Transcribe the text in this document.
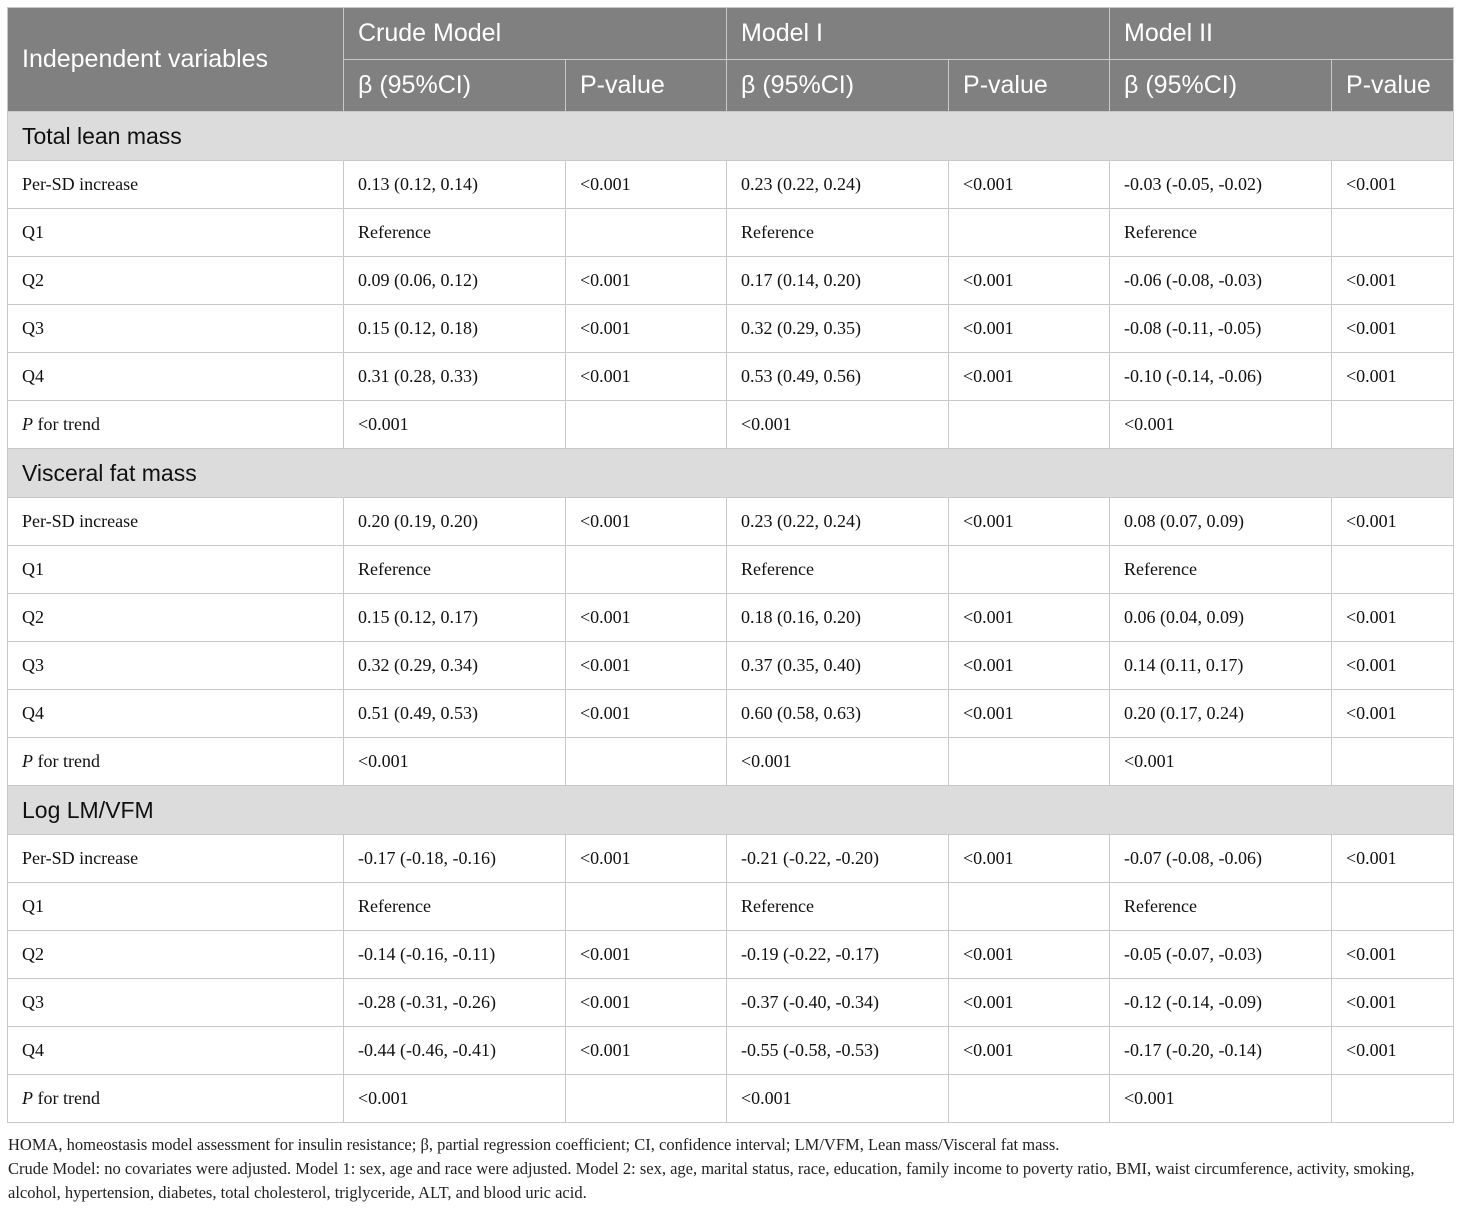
Independent variables	Crude Model		Model I		Model II	
	β (95%CI)	P-value	β (95%CI)	P-value	β (95%CI)	P-value
Total lean mass						
Per-SD increase	0.13 (0.12, 0.14)	<0.001	0.23 (0.22, 0.24)	<0.001	-0.03 (-0.05, -0.02)	<0.001
Q1	Reference		Reference		Reference	
Q2	0.09 (0.06, 0.12)	<0.001	0.17 (0.14, 0.20)	<0.001	-0.06 (-0.08, -0.03)	<0.001
Q3	0.15 (0.12, 0.18)	<0.001	0.32 (0.29, 0.35)	<0.001	-0.08 (-0.11, -0.05)	<0.001
Q4	0.31 (0.28, 0.33)	<0.001	0.53 (0.49, 0.56)	<0.001	-0.10 (-0.14, -0.06)	<0.001
P for trend	<0.001		<0.001		<0.001	
Visceral fat mass						
Per-SD increase	0.20 (0.19, 0.20)	<0.001	0.23 (0.22, 0.24)	<0.001	0.08 (0.07, 0.09)	<0.001
Q1	Reference		Reference		Reference	
Q2	0.15 (0.12, 0.17)	<0.001	0.18 (0.16, 0.20)	<0.001	0.06 (0.04, 0.09)	<0.001
Q3	0.32 (0.29, 0.34)	<0.001	0.37 (0.35, 0.40)	<0.001	0.14 (0.11, 0.17)	<0.001
Q4	0.51 (0.49, 0.53)	<0.001	0.60 (0.58, 0.63)	<0.001	0.20 (0.17, 0.24)	<0.001
P for trend	<0.001		<0.001		<0.001	
Log LM/VFM						
Per-SD increase	-0.17 (-0.18, -0.16)	<0.001	-0.21 (-0.22, -0.20)	<0.001	-0.07 (-0.08, -0.06)	<0.001
Q1	Reference		Reference		Reference	
Q2	-0.14 (-0.16, -0.11)	<0.001	-0.19 (-0.22, -0.17)	<0.001	-0.05 (-0.07, -0.03)	<0.001
Q3	-0.28 (-0.31, -0.26)	<0.001	-0.37 (-0.40, -0.34)	<0.001	-0.12 (-0.14, -0.09)	<0.001
Q4	-0.44 (-0.46, -0.41)	<0.001	-0.55 (-0.58, -0.53)	<0.001	-0.17 (-0.20, -0.14)	<0.001
P for trend	<0.001		<0.001		<0.001	

HOMA, homeostasis model assessment for insulin resistance; β, partial regression coefficient; CI, confidence interval; LM/VFM, Lean mass/Visceral fat mass.

Crude Model: no covariates were adjusted. Model 1: sex, age and race were adjusted. Model 2: sex, age, marital status, race, education, family income to poverty ratio, BMI, waist circumference, activity, smoking, alcohol, hypertension, diabetes, total cholesterol, triglyceride, ALT, and blood uric acid.
